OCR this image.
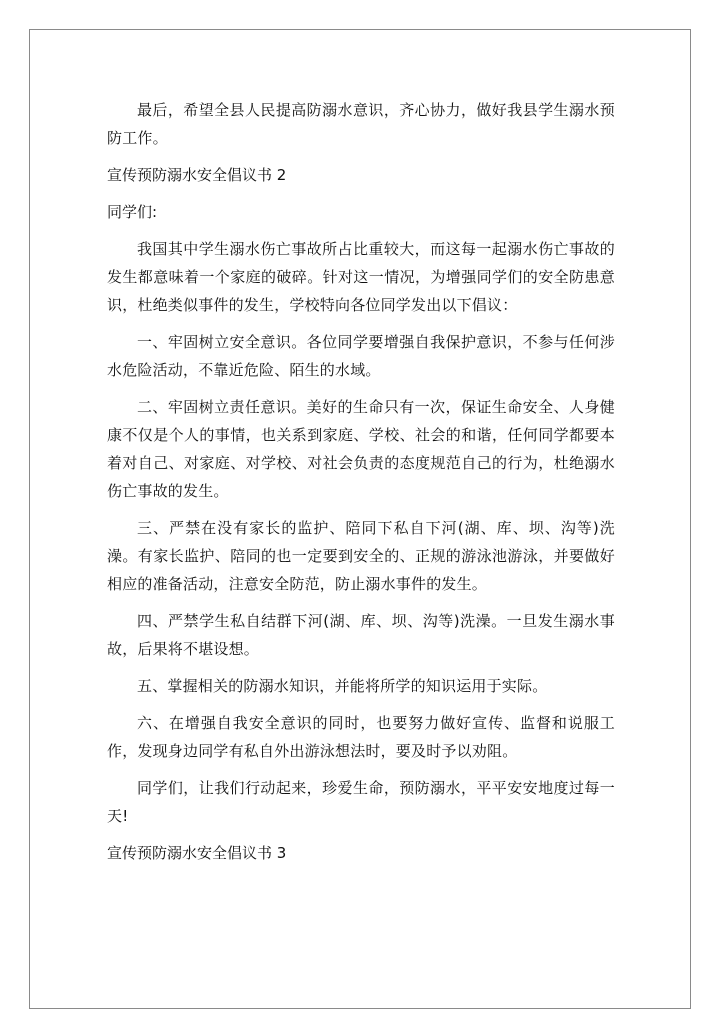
最后，希望全县人民提高防溺水意识，齐心协力，做好我县学生溺水预防工作。

宣传预防溺水安全倡议书 2

同学们:

我国其中学生溺水伤亡事故所占比重较大，而这每一起溺水伤亡事故的发生都意味着一个家庭的破碎。针对这一情况，为增强同学们的安全防患意识，杜绝类似事件的发生，学校特向各位同学发出以下倡议：

一、牢固树立安全意识。各位同学要增强自我保护意识，不参与任何涉水危险活动，不靠近危险、陌生的水域。

二、牢固树立责任意识。美好的生命只有一次，保证生命安全、人身健康不仅是个人的事情，也关系到家庭、学校、社会的和谐，任何同学都要本着对自己、对家庭、对学校、对社会负责的态度规范自己的行为，杜绝溺水伤亡事故的发生。

三、严禁在没有家长的监护、陪同下私自下河(湖、库、坝、沟等)洗澡。有家长监护、陪同的也一定要到安全的、正规的游泳池游泳，并要做好相应的准备活动，注意安全防范，防止溺水事件的发生。

四、严禁学生私自结群下河(湖、库、坝、沟等)洗澡。一旦发生溺水事故，后果将不堪设想。

五、掌握相关的防溺水知识，并能将所学的知识运用于实际。

六、在增强自我安全意识的同时，也要努力做好宣传、监督和说服工作，发现身边同学有私自外出游泳想法时，要及时予以劝阻。

同学们，让我们行动起来，珍爱生命，预防溺水，平平安安地度过每一天!

宣传预防溺水安全倡议书 3
